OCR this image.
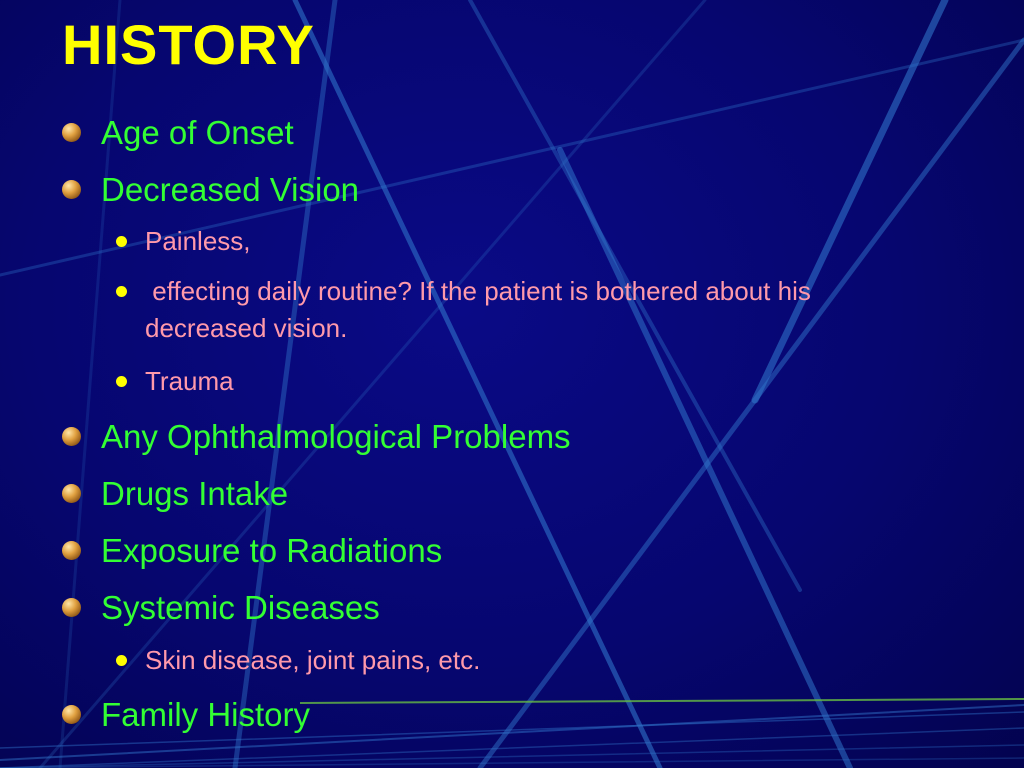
HISTORY
Age of Onset
Decreased Vision
Painless,
effecting daily routine? If the patient is bothered about his decreased vision.
Trauma
Any Ophthalmological Problems
Drugs Intake
Exposure to Radiations
Systemic Diseases
Skin disease, joint pains, etc.
Family History
